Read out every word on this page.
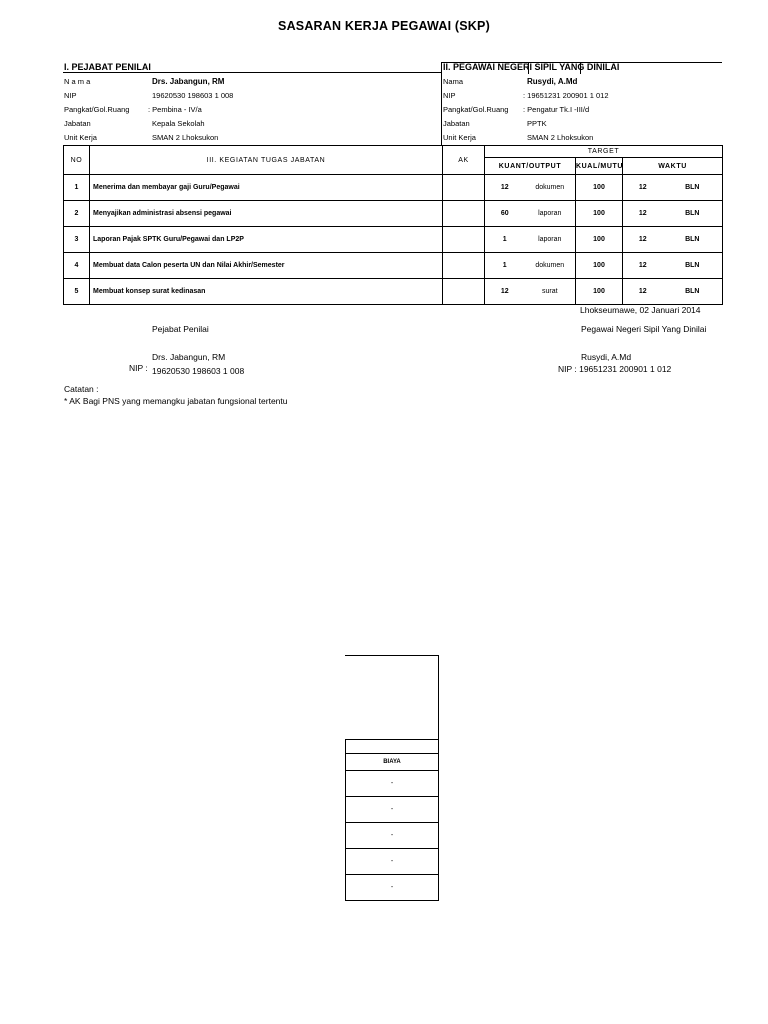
SASARAN KERJA PEGAWAI (SKP)
I. PEJABAT PENILAI	II. PEGAWAI NEGERI SIPIL YANG DINILAI
N a m a	Drs. Jabangun, RM
NIP	19620530 198603 1 008
Pangkat/Gol.Ruang : Pembina - IV/a
Jabatan	Kepala Sekolah
Unit Kerja	SMAN 2 Lhoksukon
Nama	Rusydi, A.Md
NIP	: 19651231 200901 1 012
Pangkat/Gol.Ruang : Pengatur Tk.I -III/d
Jabatan	PPTK
Unit Kerja	SMAN 2 Lhoksukon
NO	III. KEGIATAN TUGAS JABATAN	AK	TARGET				
			KUANT/OUTPUT		KUAL/MUTU	WAKTU	
1	Menerima dan membayar gaji Guru/Pegawai		12	dokumen	100	12	BLN
2	Menyajikan administrasi absensi pegawai		60	laporan	100	12	BLN
3	Laporan Pajak SPTK Guru/Pegawai dan LP2P		1	laporan	100	12	BLN
4	Membuat data Calon peserta UN dan Nilai Akhir/Semester		1	dokumen	100	12	BLN
5	Membuat konsep surat kedinasan		12	surat	100	12	BLN
Lhokseumawe, 02 Januari 2014
Pejabat Penilai	Pegawai Negeri Sipil Yang Dinilai
Drs. Jabangun, RM
NIP : 19620530 198603 1 008
Rusydi, A.Md
NIP : 19651231 200901 1 012
Catatan :
* AK Bagi PNS yang memangku jabatan fungsional tertentu
BIAYA
-
-
-
-
-
